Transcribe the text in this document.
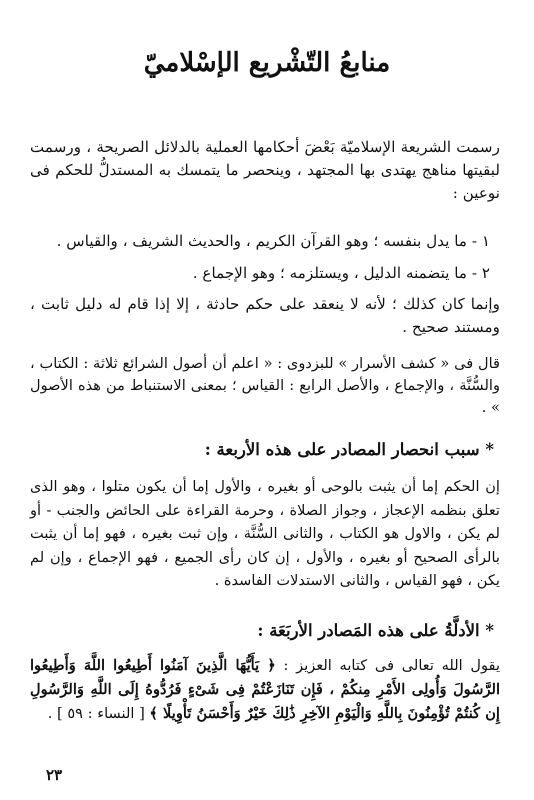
منابعُ التّشْريع الإسْلاميّ
رسمت الشريعة الإسلاميّة بَعْضَ أحكامها العملية بالدلائل الصريحة ، ورسمت لبقيتها مناهج يهتدى بها المجتهد ، وينحصر ما يتمسك به المستدلُّ للحكم فى نوعين :
١ - ما يدل بنفسه ؛ وهو القرآن الكريم ، والحديث الشريف ، والقياس .
٢ - ما يتضمنه الدليل ، ويستلزمه ؛ وهو الإجماع .
وإنما كان كذلك ؛ لأنه لا ينعقد على حكم حادثة ، إلا إذا قام له دليل ثابت ، ومستند صحيح .
قال فى « كشف الأسرار » للبزدوى : « اعلم أن أصول الشرائع ثلاثة : الكتاب ، والسُّنَّة ، والإجماع ، والأصل الرابع : القياس ؛ بمعنى الاستنباط من هذه الأصول » .
* سبب انحصار المصادر على هذه الأربعة :
إن الحكم إما أن يثبت بالوحى أو بغيره ، والأول إما أن يكون متلوا ، وهو الذى تعلق بنظمه الإعجاز ، وجواز الصلاة ، وحرمة القراءة على الحائض والجنب - أو لم يكن ، والاول هو الكتاب ، والثانى السُّنَّة ، وإن ثبت بغيره ، فهو إما أن يثبت بالرأى الصحيح أو بغيره ، والأول ، إن كان رأى الجميع ، فهو الإجماع ، وإن لم يكن ، فهو القياس ، والثانى الاستدلات الفاسدة .
* الأدلَّةُ على هذه المَصادر الأربَعَة :
يقول الله تعالى فى كتابه العزيز : ﴿ يَأَيُّهَا الَّذِينَ آمَنُوا أَطِيعُوا اللَّهَ وَأَطِيعُوا الرَّسُولَ وَأُولِى الأَمْرِ مِنكُمْ ، فَإِن تَنَازَعْتُمْ فِى شَىْءٍ فَرُدُّوهُ إِلَى اللَّهِ وَالرَّسُولِ إِن كُنتُمْ تُؤْمِنُونَ بِاللَّهِ وَالْيَوْمِ الآخِرِ ذَٰلِكَ خَيْرٌ وَأَحْسَنُ تَأْوِيلًا ﴾ [ النساء : ٥٩ ] .
٢٣
